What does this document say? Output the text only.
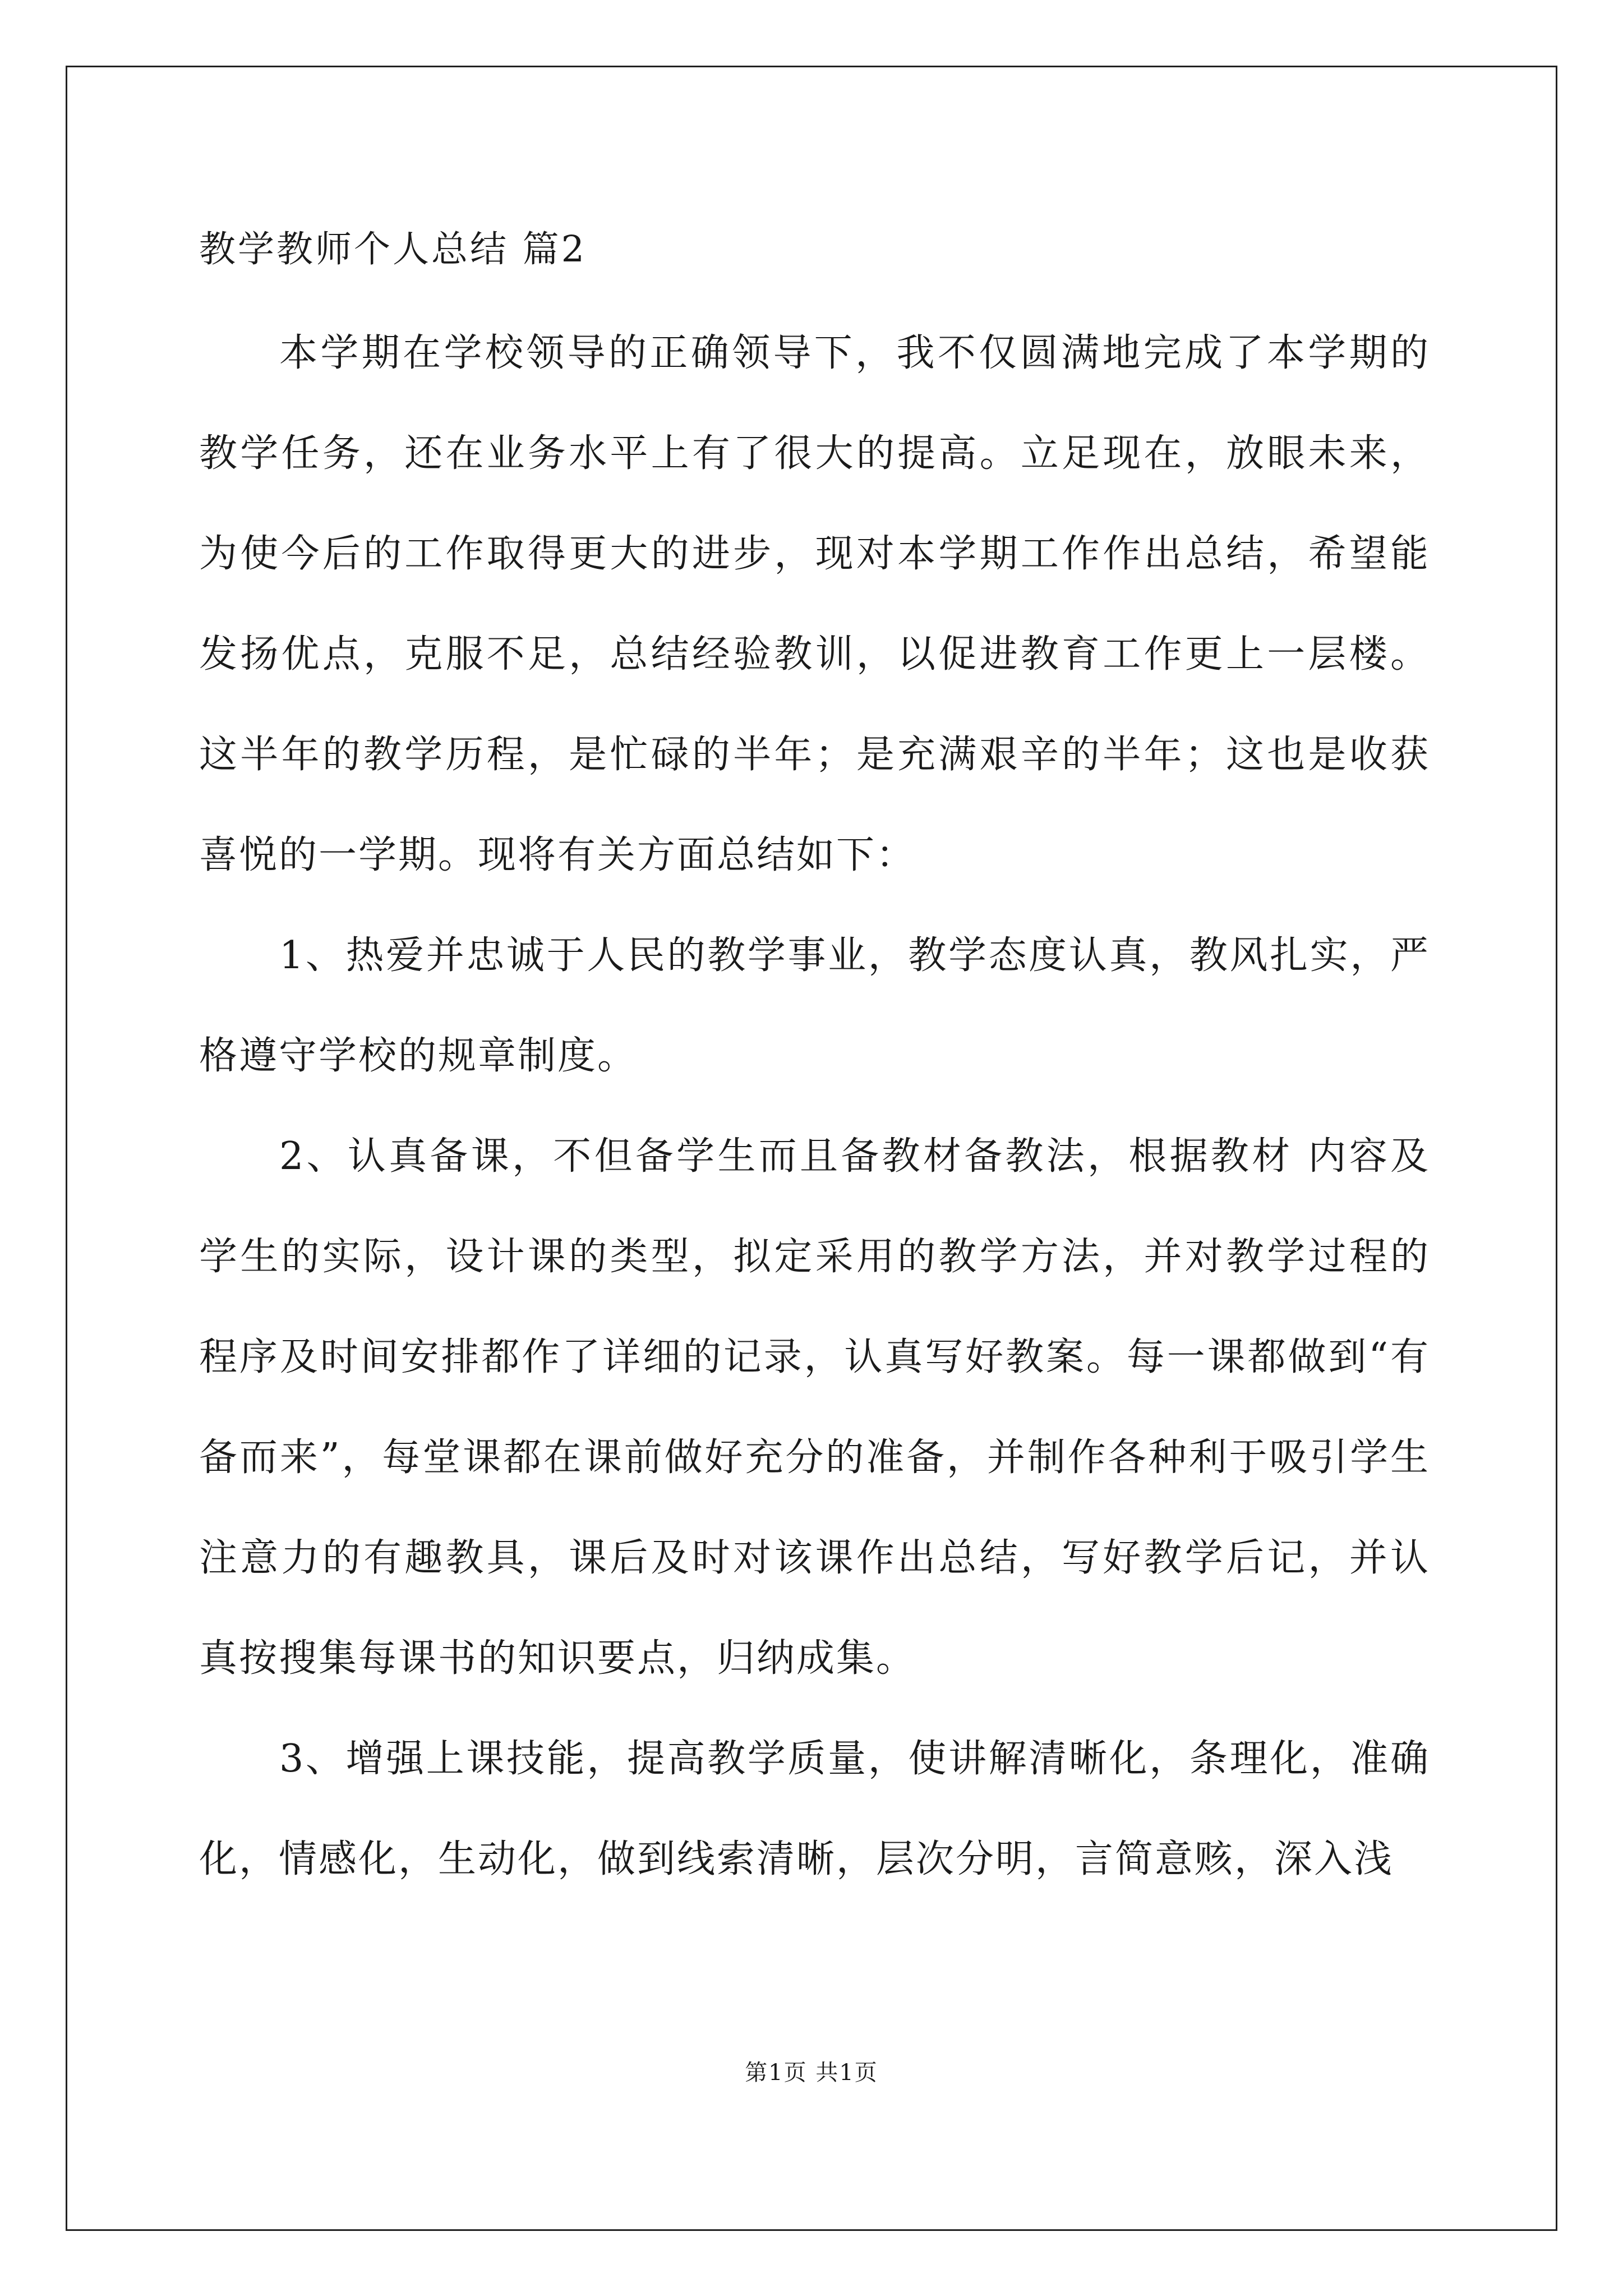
教学教师个人总结 篇2

本学期在学校领导的正确领导下，我不仅圆满地完成了本学期的教学任务，还在业务水平上有了很大的提高。立足现在，放眼未来，为使今后的工作取得更大的进步，现对本学期工作作出总结，希望能发扬优点，克服不足，总结经验教训，以促进教育工作更上一层楼。这半年的教学历程，是忙碌的半年；是充满艰辛的半年；这也是收获喜悦的一学期。现将有关方面总结如下：

1、热爱并忠诚于人民的教学事业，教学态度认真，教风扎实，严格遵守学校的规章制度。

2、认真备课，不但备学生而且备教材备教法，根据教材 内容及学生的实际，设计课的类型，拟定采用的教学方法，并对教学过程的程序及时间安排都作了详细的记录，认真写好教案。每一课都做到“有备而来”，每堂课都在课前做好充分的准备，并制作各种利于吸引学生注意力的有趣教具，课后及时对该课作出总结，写好教学后记，并认真按搜集每课书的知识要点，归纳成集。

3、增强上课技能，提高教学质量，使讲解清晰化，条理化，准确化，情感化，生动化，做到线索清晰，层次分明，言简意赅，深入浅

第1页 共1页
